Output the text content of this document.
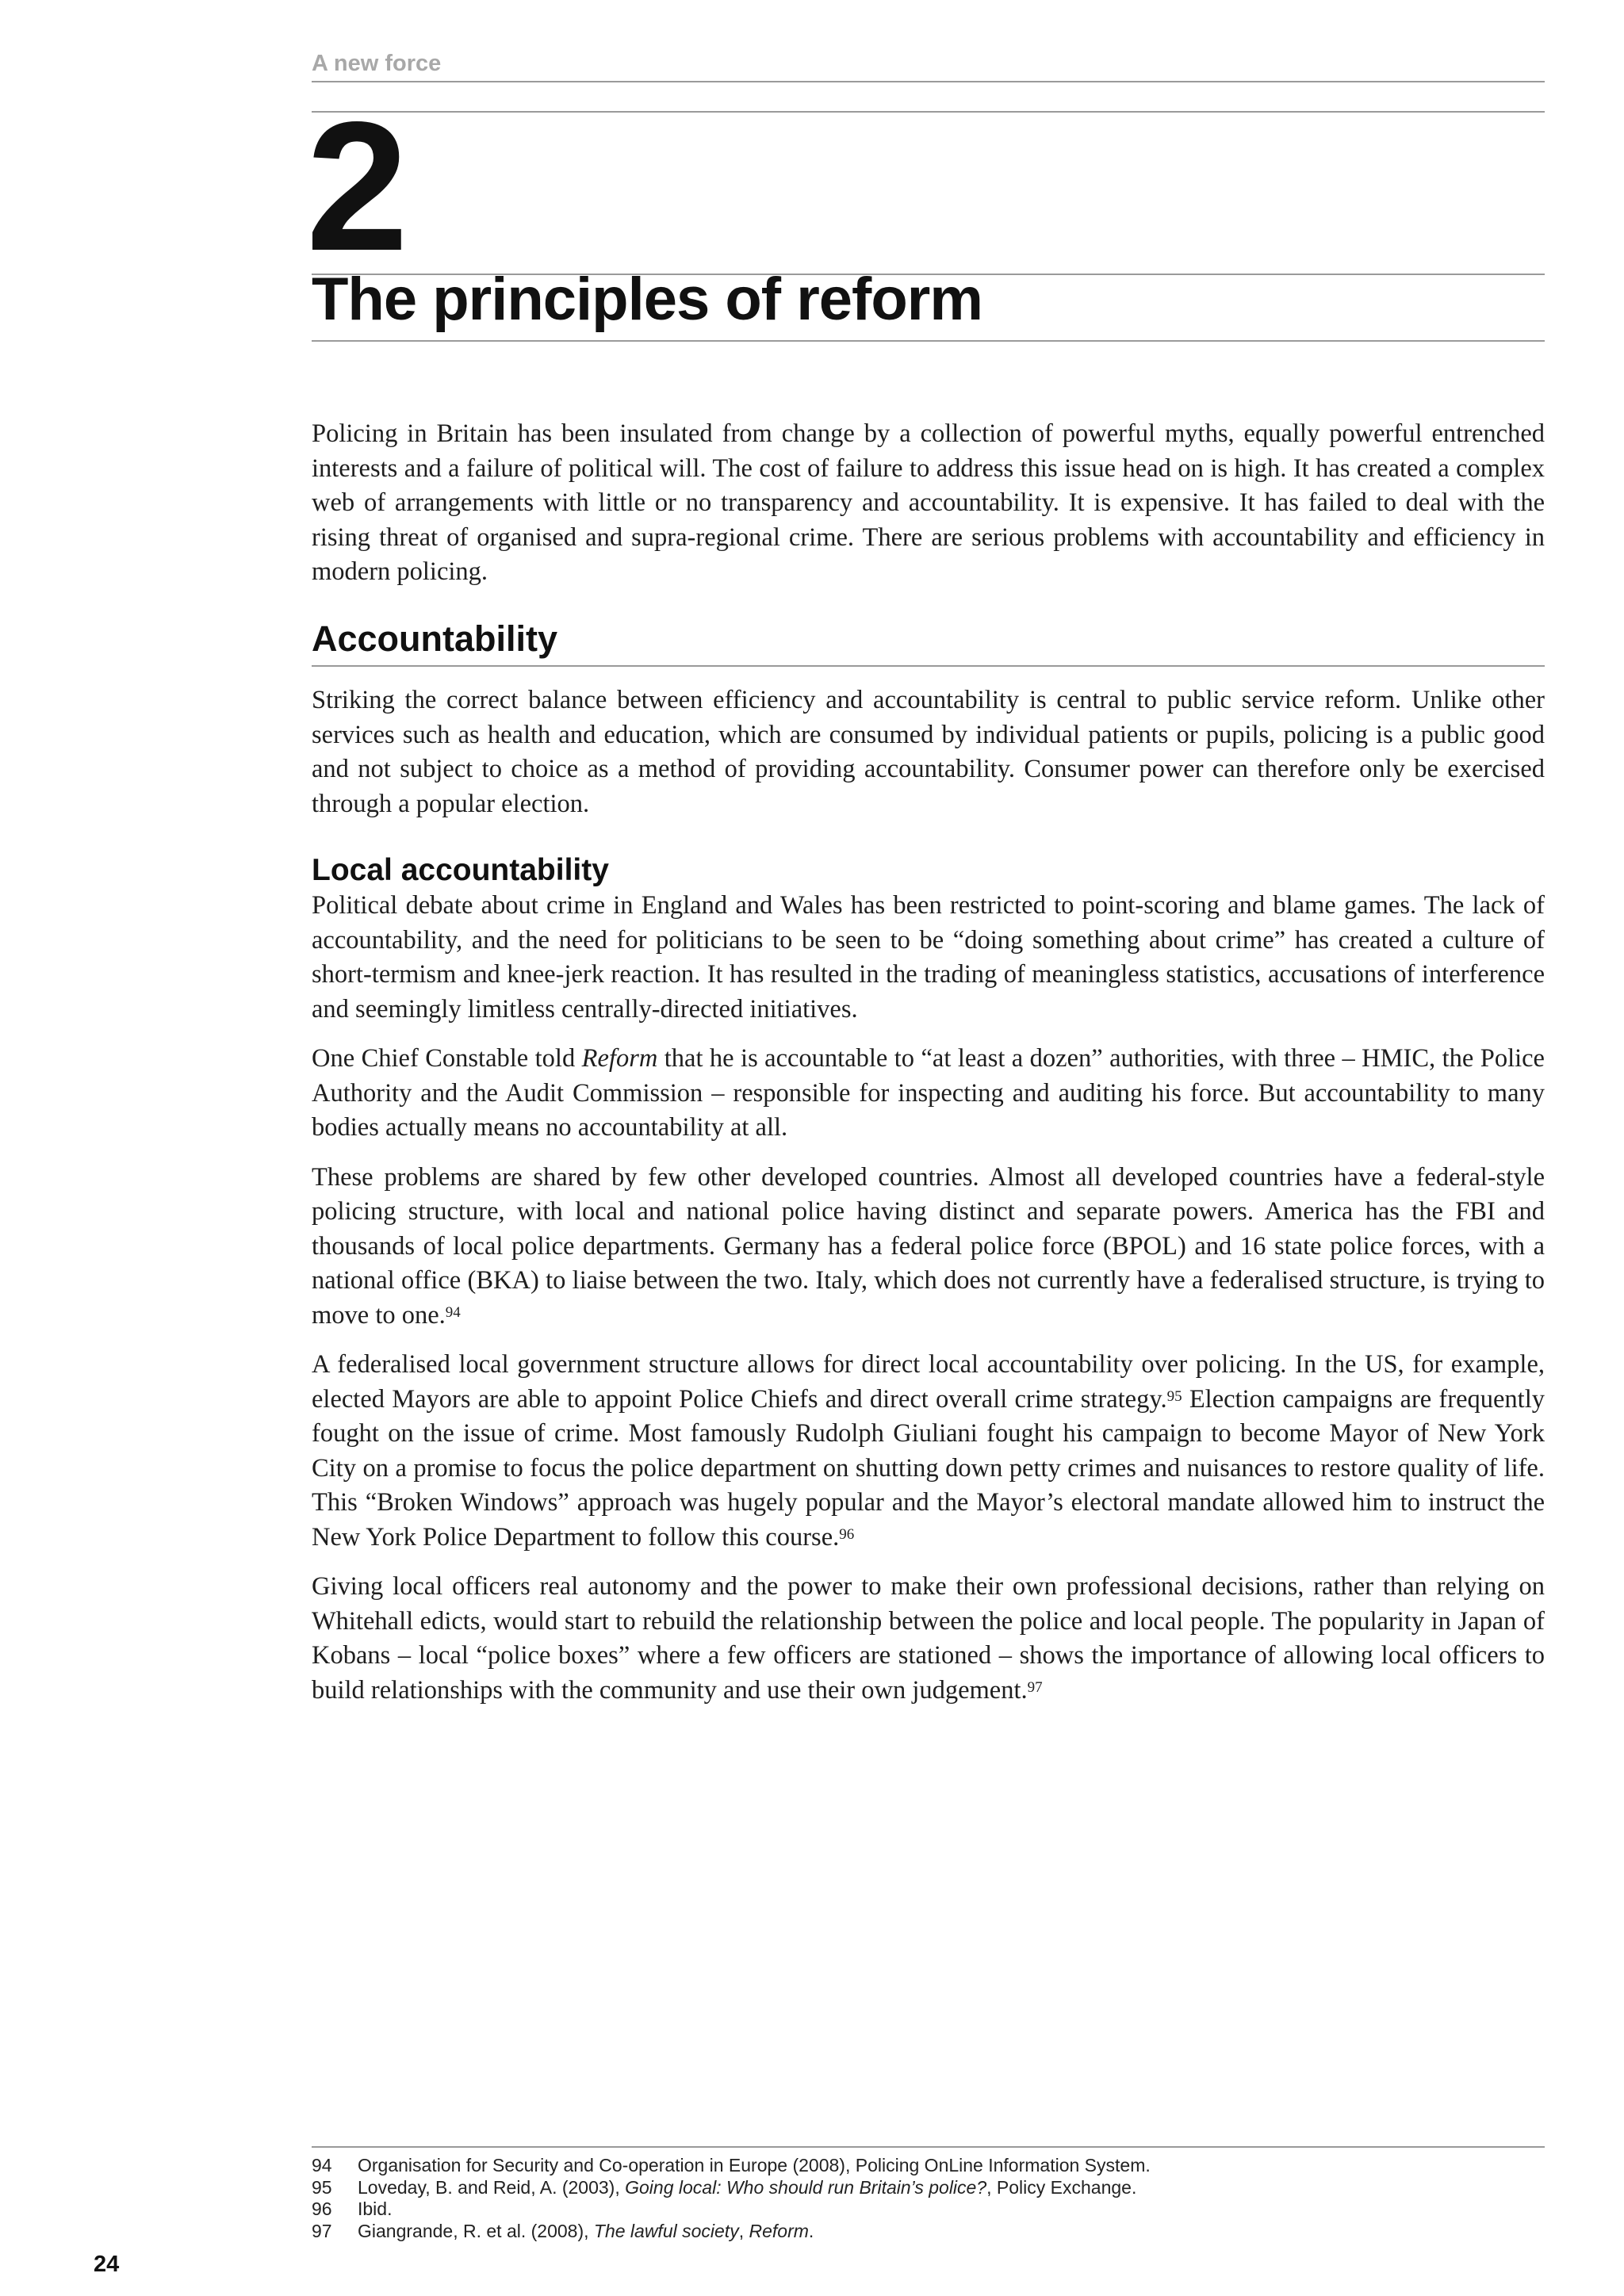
A new force
2
The principles of reform

Policing in Britain has been insulated from change by a collection of powerful myths, equally powerful entrenched interests and a failure of political will. The cost of failure to address this issue head on is high. It has created a complex web of arrangements with little or no transparency and accountability. It is expensive. It has failed to deal with the rising threat of organised and supra-regional crime. There are serious problems with accountability and efficiency in modern policing.

Accountability

Striking the correct balance between efficiency and accountability is central to public service reform. Unlike other services such as health and education, which are consumed by individual patients or pupils, policing is a public good and not subject to choice as a method of providing accountability. Consumer power can therefore only be exercised through a popular election.

Local accountability

Political debate about crime in England and Wales has been restricted to point-scoring and blame games. The lack of accountability, and the need for politicians to be seen to be “doing something about crime” has created a culture of short-termism and knee-jerk reaction. It has resulted in the trading of meaningless statistics, accusations of interference and seemingly limitless centrally-directed initiatives.

One Chief Constable told Reform that he is accountable to “at least a dozen” authorities, with three – HMIC, the Police Authority and the Audit Commission – responsible for inspecting and auditing his force. But accountability to many bodies actually means no accountability at all.

These problems are shared by few other developed countries. Almost all developed countries have a federal-style policing structure, with local and national police having distinct and separate powers. America has the FBI and thousands of local police departments. Germany has a federal police force (BPOL) and 16 state police forces, with a national office (BKA) to liaise between the two. Italy, which does not currently have a federalised structure, is trying to move to one.$^{94}$

A federalised local government structure allows for direct local accountability over policing. In the US, for example, elected Mayors are able to appoint Police Chiefs and direct overall crime strategy.$^{95}$ Election campaigns are frequently fought on the issue of crime. Most famously Rudolph Giuliani fought his campaign to become Mayor of New York City on a promise to focus the police department on shutting down petty crimes and nuisances to restore quality of life. This “Broken Windows” approach was hugely popular and the Mayor’s electoral mandate allowed him to instruct the New York Police Department to follow this course.$^{96}$

Giving local officers real autonomy and the power to make their own professional decisions, rather than relying on Whitehall edicts, would start to rebuild the relationship between the police and local people. The popularity in Japan of Kobans – local “police boxes” where a few officers are stationed – shows the importance of allowing local officers to build relationships with the community and use their own judgement.$^{97}$

94	Organisation for Security and Co-operation in Europe (2008), Policing OnLine Information System.
95	Loveday, B. and Reid, A. (2003), Going local: Who should run Britain’s police?, Policy Exchange.
96	Ibid.
97	Giangrande, R. et al. (2008), The lawful society, Reform.
24
